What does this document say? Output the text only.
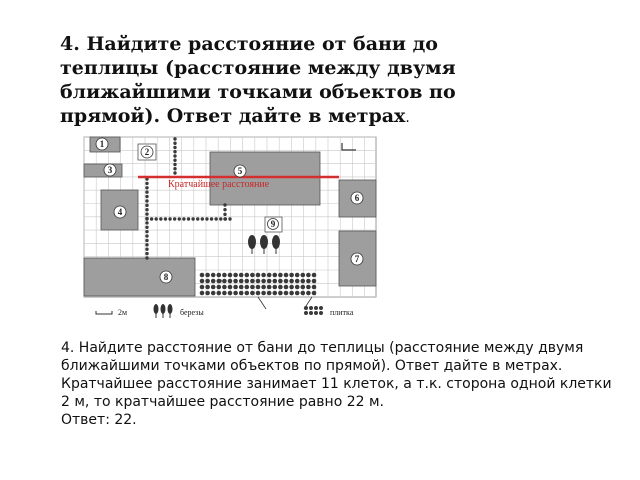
4. Найдите расстояние от бани до теплицы (расстояние между двумя ближайшими точками объектов по прямой). Ответ дайте в метрах.
Кратчайшее расстояние
1
2
3
4
5
6
7
8
9
2м	березы	плитка
4. Найдите расстояние от бани до теплицы (расстояние между двумя ближайшими точками объектов по прямой). Ответ дайте в метрах.
Кратчайшее расстояние занимает 11 клеток, а т.к. сторона одной клетки 2 м, то кратчайшее расстояние равно 22 м.
Ответ: 22.
